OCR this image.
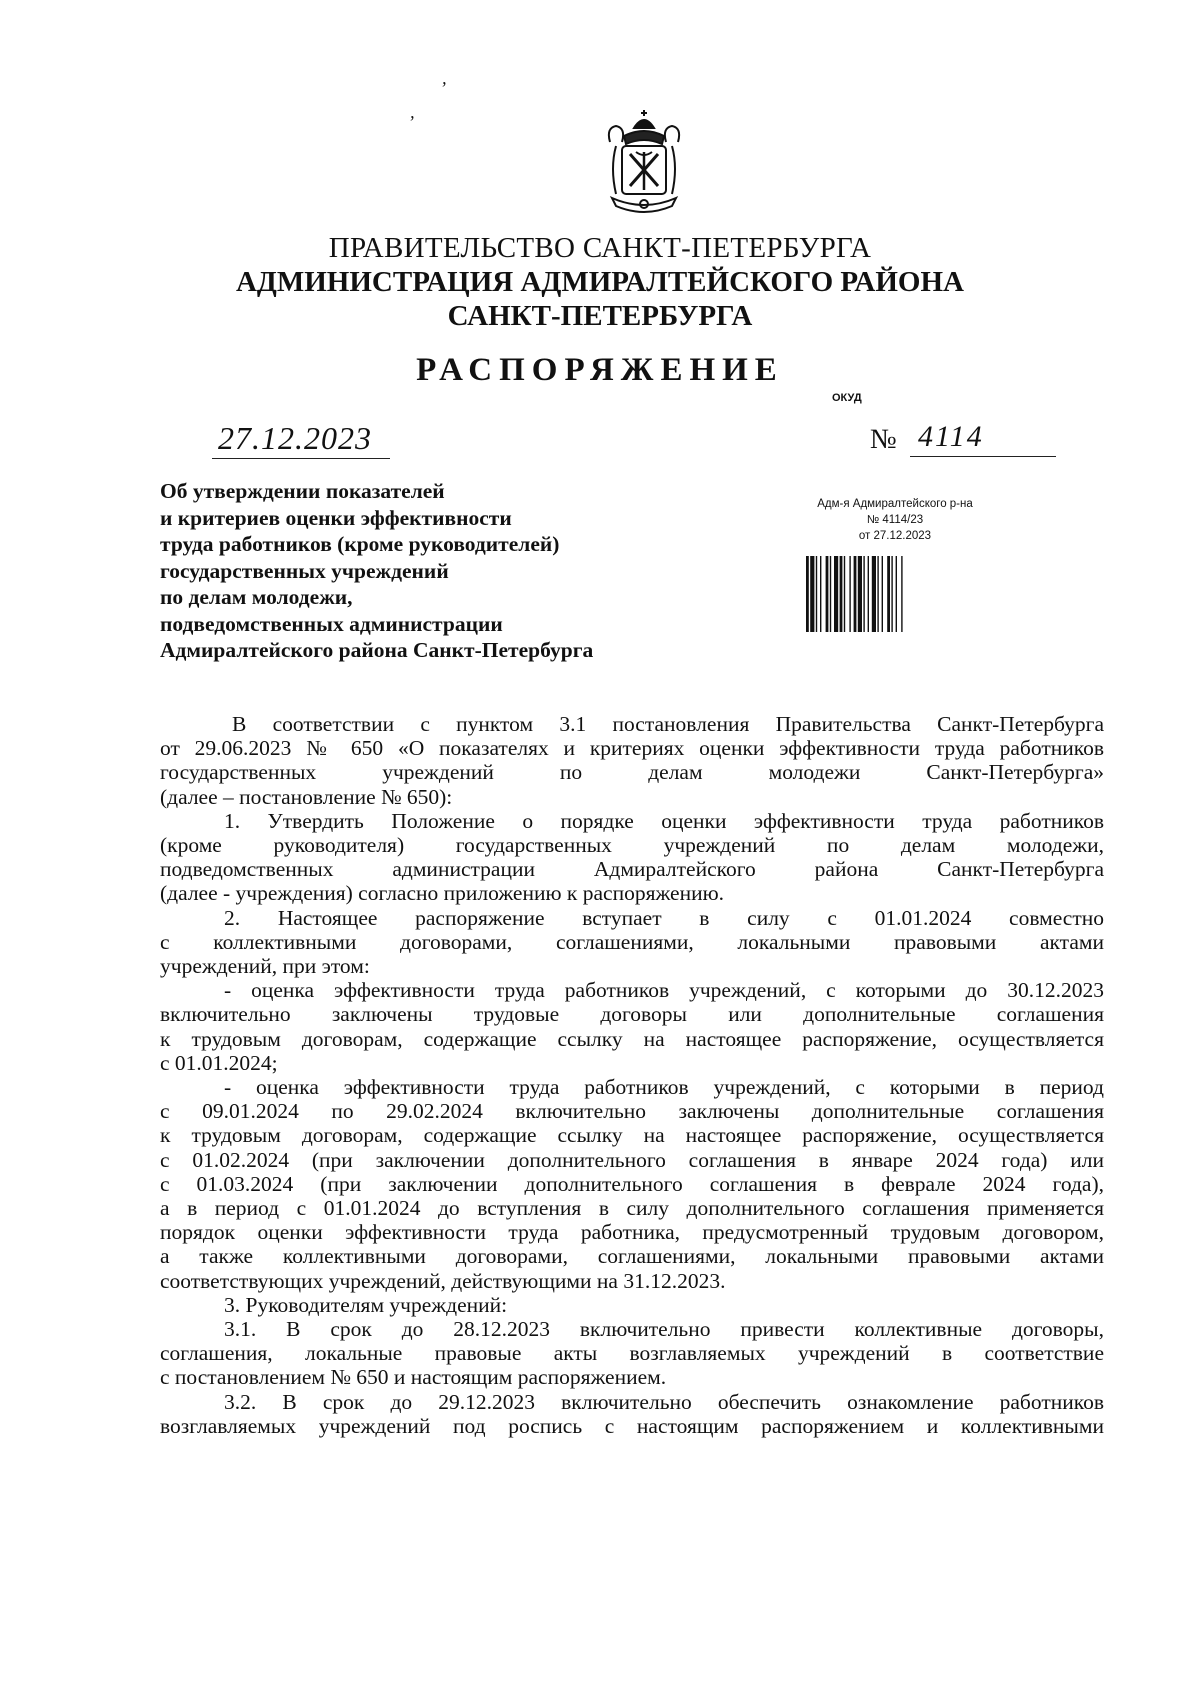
ʼ
ʼ
ПРАВИТЕЛЬСТВО САНКТ-ПЕТЕРБУРГА
АДМИНИСТРАЦИЯ АДМИРАЛТЕЙСКОГО РАЙОНА
САНКТ-ПЕТЕРБУРГА
РАСПОРЯЖЕНИЕ
ОКУД
27.12.2023	№ 4114
Об утверждении показателей
и критериев оценки эффективности
труда работников (кроме руководителей)
государственных учреждений
по делам молодежи,
подведомственных администрации
Адмиралтейского района Санкт-Петербурга
Адм-я Адмиралтейского р-на
№ 4114/23
от 27.12.2023

В соответствии с пунктом 3.1 постановления Правительства Санкт-Петербурга
от 29.06.2023 № 650 «О показателях и критериях оценки эффективности труда работников
государственных учреждений по делам молодежи Санкт-Петербурга»

(далее – постановление № 650):

1. Утвердить Положение о порядке оценки эффективности труда работников
(кроме руководителя) государственных учреждений по делам молодежи,
подведомственных администрации Адмиралтейского района Санкт-Петербурга

(далее - учреждения) согласно приложению к распоряжению.

2. Настоящее распоряжение вступает в силу с 01.01.2024 совместно
с коллективными договорами, соглашениями, локальными правовыми актами

учреждений, при этом:

- оценка эффективности труда работников учреждений, с которыми до 30.12.2023
включительно заключены трудовые договоры или дополнительные соглашения
к трудовым договорам, содержащие ссылку на настоящее распоряжение, осуществляется

с 01.01.2024;

- оценка эффективности труда работников учреждений, с которыми в период
с 09.01.2024 по 29.02.2024 включительно заключены дополнительные соглашения
к трудовым договорам, содержащие ссылку на настоящее распоряжение, осуществляется
с 01.02.2024 (при заключении дополнительного соглашения в январе 2024 года) или
с 01.03.2024 (при заключении дополнительного соглашения в феврале 2024 года),
а в период с 01.01.2024 до вступления в силу дополнительного соглашения применяется
порядок оценки эффективности труда работника, предусмотренный трудовым договором,
а также коллективными договорами, соглашениями, локальными правовыми актами

соответствующих учреждений, действующими на 31.12.2023.

3. Руководителям учреждений:

3.1. В срок до 28.12.2023 включительно привести коллективные договоры,
соглашения, локальные правовые акты возглавляемых учреждений в соответствие

с постановлением № 650 и настоящим распоряжением.

3.2. В срок до 29.12.2023 включительно обеспечить ознакомление работников
возглавляемых учреждений под роспись с настоящим распоряжением и коллективными
